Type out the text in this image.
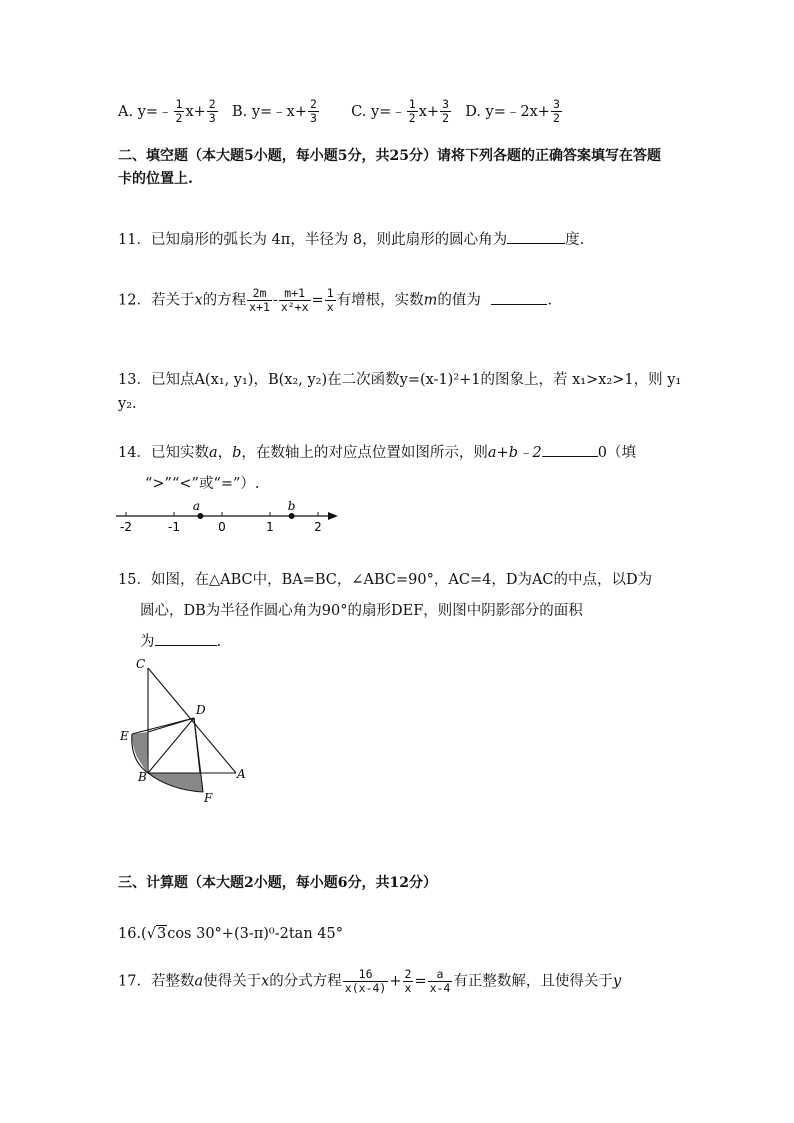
A. y=﹣ $\frac{1}{2} x+ \frac{2}{3} B$. y=﹣x+ $\frac{2}{3} C$. y=﹣ $\frac{1}{2} x+ \frac{3}{2} D$. y=﹣2x+ $\frac{3}{2}$
二、填空题（本大题5小题，每小题5分，共25分）请将下列各题的正确答案填写在答题
卡的位置上.
11．已知扇形的弧长为 4π，半径为 8，则此扇形的圆心角为	度.
12．若关于x的方程 $\frac{2m}{x+1} - \frac{m+1}{\text{x²+x}} = \frac{1}{x}$ 有增根，实数m的值为	.
13．已知点A(x₁, y₁)，B(x₂, y₂)在二次函数y=(x-1)²+1的图象上，若 x₁>x₂>1，则 y₁
y₂.
14．已知实数a，b，在数轴上的对应点位置如图所示，则a+b﹣2	0（填
“>”“<”或“=”）.
-2	-1	0	1	2
a	b
15．如图，在△ABC中，BA=BC，∠ABC=90°，AC=4，D为AC的中点，以D为
圆心，DB为半径作圆心角为90°的扇形DEF，则图中阴影部分的面积
为	.
C
D
E
B
F
A
三、计算题（本大题2小题，每小题6分，共12分）
16.(√3cos 30°+(3-π)⁰-2tan 45°
17．若整数a使得关于x的分式方程 $\frac{16}{x(x-4)} + \frac{2}{x} = \frac{a}{x-4}$ 有正整数解，且使得关于y
